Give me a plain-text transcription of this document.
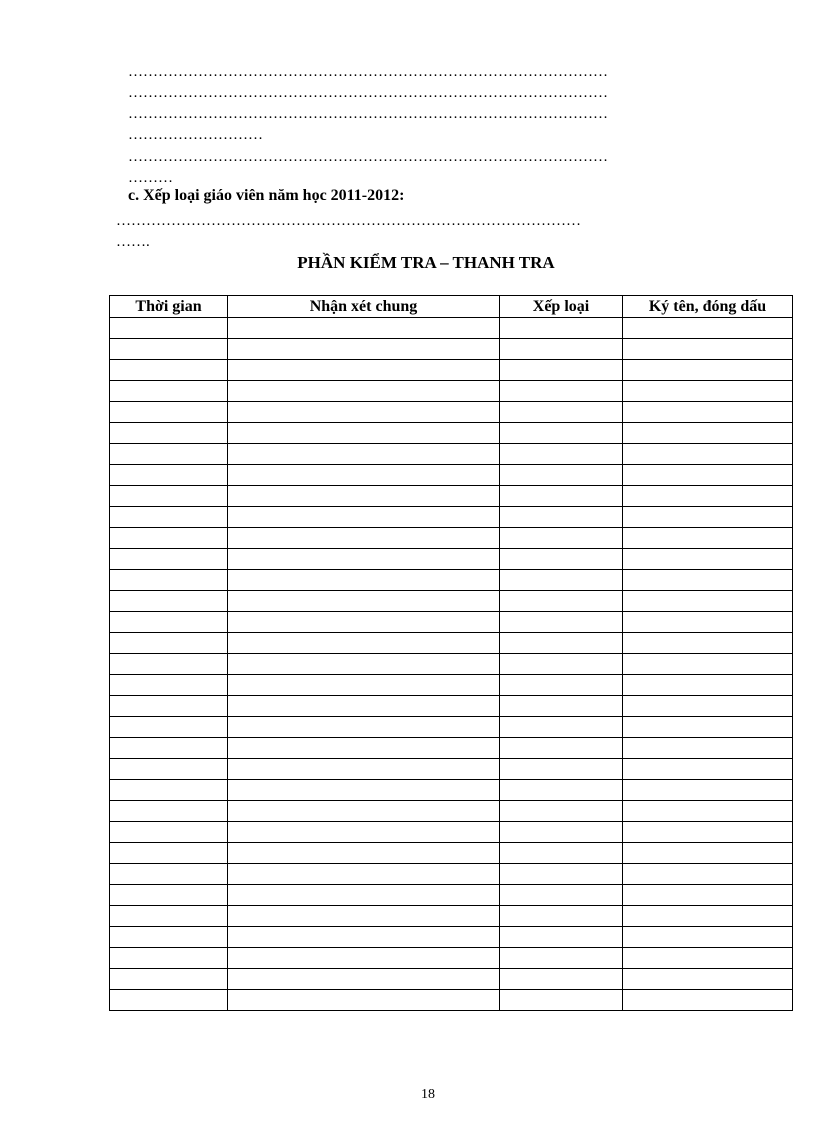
……………………………………………………………………………………
……………………………………………………………………………………
……………………………………………………………………………………
………………………
……………………………………………………………………………………
………
c. Xếp loại giáo viên năm học 2011-2012:
…………………………………………………………………………………
…….
PHẦN KIỂM TRA – THANH TRA
Thời gian	Nhận xét chung	Xếp loại	Ký tên, đóng dấu

18
